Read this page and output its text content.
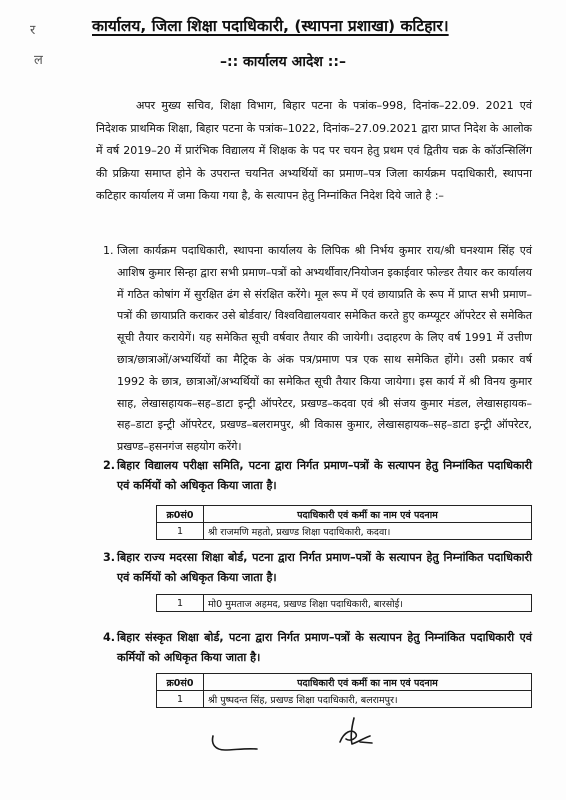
र
ल
कार्यालय, जिला शिक्षा पदाधिकारी, (स्थापना प्रशाखा) कटिहार।
–:: कार्यालय आदेश ::–
अपर मुख्य सचिव, शिक्षा विभाग, बिहार पटना के पत्रांक–998, दिनांक–22.09. 2021 एवं निदेशक प्राथमिक शिक्षा, बिहार पटना के पत्रांक–1022, दिनांक–27.09.2021 द्वारा प्राप्त निदेश के आलोक में वर्ष 2019–20 में प्रारंभिक विद्यालय में शिक्षक के पद पर चयन हेतु प्रथम एवं द्वितीय चक्र के कॉउन्सिलिंग की प्रक्रिया समाप्त होने के उपरान्त चयनित अभ्यर्थियों का प्रमाण–पत्र जिला कार्यक्रम पदाधिकारी, स्थापना कटिहार कार्यालय में जमा किया गया है, के सत्यापन हेतु निम्नांकित निदेश दिये जाते है :–
1. जिला कार्यक्रम पदाधिकारी, स्थापना कार्यालय के लिपिक श्री निर्भय कुमार राय/श्री घनश्याम सिंह एवं आशिष कुमार सिन्हा द्वारा सभी प्रमाण–पत्रों को अभ्यर्थीवार/नियोजन इकाईवार फोल्डर तैयार कर कार्यालय में गठित कोषांग में सुरक्षित ढंग से संरक्षित करेंगे। मूल रूप में एवं छायाप्रति के रूप में प्राप्त सभी प्रमाण–पत्रों की छायाप्रति कराकर उसे बोर्डवार/ विश्वविद्यालयवार समेकित करते हुए कम्प्यूटर ऑपरेटर से समेकित सूची तैयार करायेगें। यह समेकित सूची वर्षवार तैयार की जायेगी। उदाहरण के लिए वर्ष 1991 में उत्तीण छात्र/छात्राओं/अभ्यर्थियों का मैट्रिक के अंक पत्र/प्रमाण पत्र एक साथ समेकित होंगे। उसी प्रकार वर्ष 1992 के छात्र, छात्राओं/अभ्यर्थियों का समेकित सूची तैयार किया जायेगा। इस कार्य में श्री विनय कुमार साह, लेखासहायक–सह–डाटा इन्ट्री ऑपरेटर, प्रखण्ड–कदवा एवं श्री संजय कुमार मंडल, लेखासहायक–सह–डाटा इन्ट्री ऑपरेटर, प्रखण्ड–बलरामपुर, श्री विकास कुमार, लेखासहायक–सह–डाटा इन्ट्री ऑपरेटर, प्रखण्ड–हसनगंज सहयोग करेंगे।
2. बिहार विद्यालय परीक्षा समिति, पटना द्वारा निर्गत प्रमाण–पत्रों के सत्यापन हेतु निम्नांकित पदाधिकारी एवं कर्मियों को अधिकृत किया जाता है।
क्र0सं0	पदाधिकारी एवं कर्मी का नाम एवं पदनाम
1	श्री राजमणि महतो, प्रखण्ड शिक्षा पदाधिकारी, कदवा।
3. बिहार राज्य मदरसा शिक्षा बोर्ड, पटना द्वारा निर्गत प्रमाण–पत्रों के सत्यापन हेतु निम्नांकित पदाधिकारी एवं कर्मियों को अधिकृत किया जाता है।
1	मो0 मुमताज अहमद, प्रखण्ड शिक्षा पदाधिकारी, बारसोई।
4. बिहार संस्कृत शिक्षा बोर्ड, पटना द्वारा निर्गत प्रमाण–पत्रों के सत्यापन हेतु निम्नांकित पदाधिकारी एवं कर्मियों को अधिकृत किया जाता है।
क्र0सं0	पदाधिकारी एवं कर्मी का नाम एवं पदनाम
1	श्री पुष्पदन्त सिंह, प्रखण्ड शिक्षा पदाधिकारी, बलरामपुर।
